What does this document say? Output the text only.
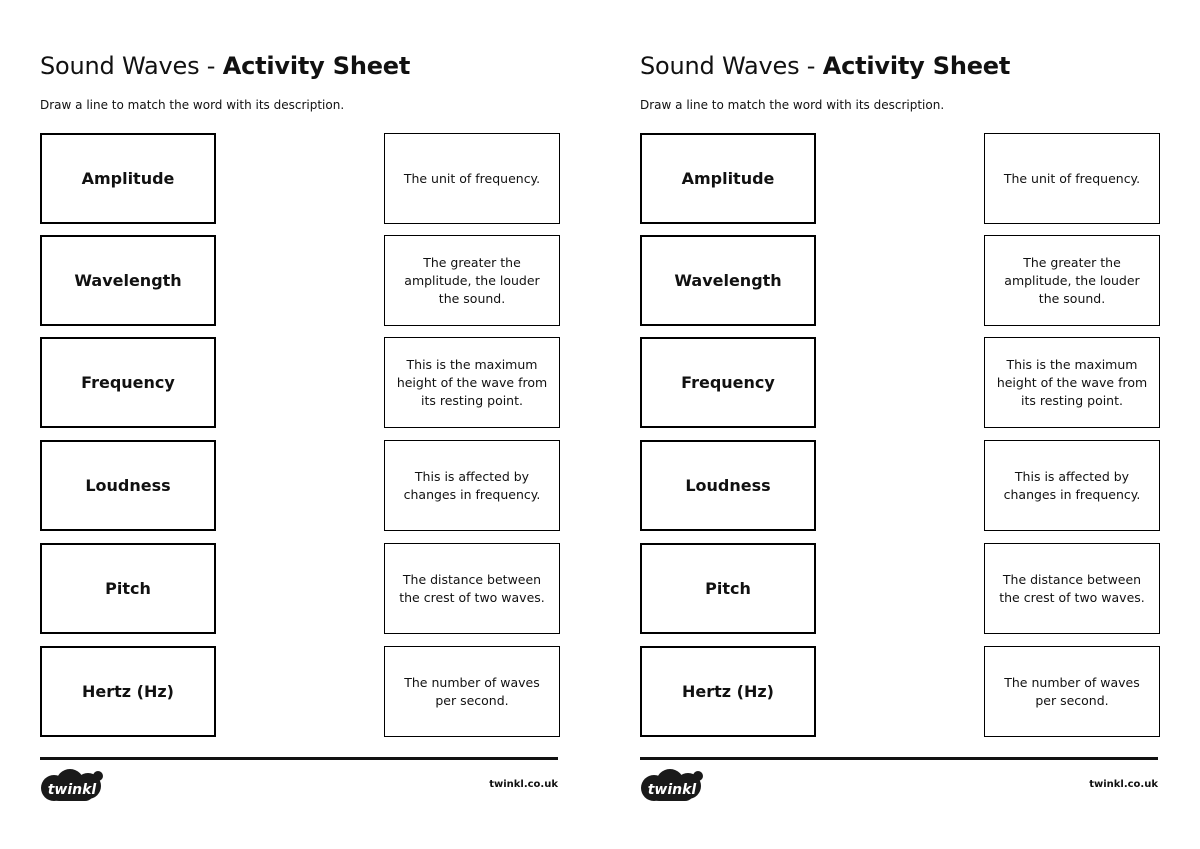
Sound Waves - Activity Sheet
Draw a line to match the word with its description.
Amplitude
Wavelength
Frequency
Loudness
Pitch
Hertz (Hz)
The unit of frequency.
The greater the amplitude, the louder the sound.
This is the maximum height of the wave from its resting point.
This is affected by changes in frequency.
The distance between the crest of two waves.
The number of waves per second.
twinkl	twinkl.co.uk
Sound Waves - Activity Sheet
Draw a line to match the word with its description.
Amplitude
Wavelength
Frequency
Loudness
Pitch
Hertz (Hz)
The unit of frequency.
The greater the amplitude, the louder the sound.
This is the maximum height of the wave from its resting point.
This is affected by changes in frequency.
The distance between the crest of two waves.
The number of waves per second.
twinkl	twinkl.co.uk
